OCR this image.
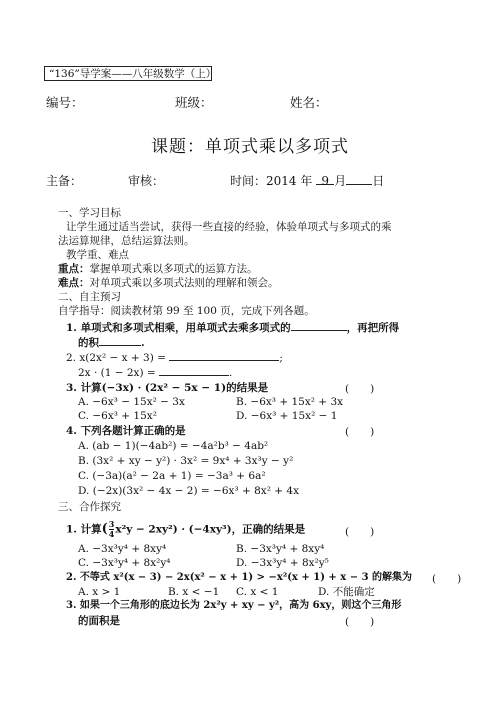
“136”导学案——八年级数学（上）
编号：	班级：	姓名：
课题：单项式乘以多项式
主备：	审核：	时间：2014 年 9 月 日
一、学习目标
让学生通过适当尝试，获得一些直接的经验，体验单项式与多项式的乘
法运算规律，总结运算法则。
教学重、难点
重点：掌握单项式乘以多项式的运算方法。
难点：对单项式乘以多项式法则的理解和领会。
二、自主预习
自学指导：阅读教材第 99 至 100 页，完成下列各题。
1. 单项式和多项式相乘，用单项式去乘多项式的	，再把所得
的积	.
2. x(2x² − x + 3) =	;
2x · (1 − 2x) =	.
3. 计算(−3x) · (2x² − 5x − 1)的结果是	(　　)
A. −6x³ − 15x² − 3x	B. −6x³ + 15x² + 3x
C. −6x³ + 15x²	D. −6x³ + 15x² − 1
4. 下列各题计算正确的是	(　　)
A. (ab − 1)(−4ab²) = −4a²b³ − 4ab²
B. (3x² + xy − y²) · 3x² = 9x⁴ + 3x³y − y²
C. (−3a)(a² − 2a + 1) = −3a³ + 6a²
D. (−2x)(3x² − 4x − 2) = −6x³ + 8x² + 4x
三、合作探究
1. 计算( $\frac{3}{4} x^2y - 2xy^2) \cdot (-4xy^3)$，正确的结果是	(　　)
A. −3x³y⁴ + 8xy⁴	B. −3x³y⁴ + 8xy⁴
C. −3x³y⁴ + 8x²y⁴	D. −3x³y⁴ + 8x²y⁵
2. 不等式 x²(x − 3) − 2x(x² − x + 1) > −x²(x + 1) + x − 3 的解集为 (　　)
A. x > 1	B. x < −1 C. x < 1	D. 不能确定
3. 如果一个三角形的底边长为 2x²y + xy − y²，高为 6xy，则这个三角形
的面积是	(　　)
